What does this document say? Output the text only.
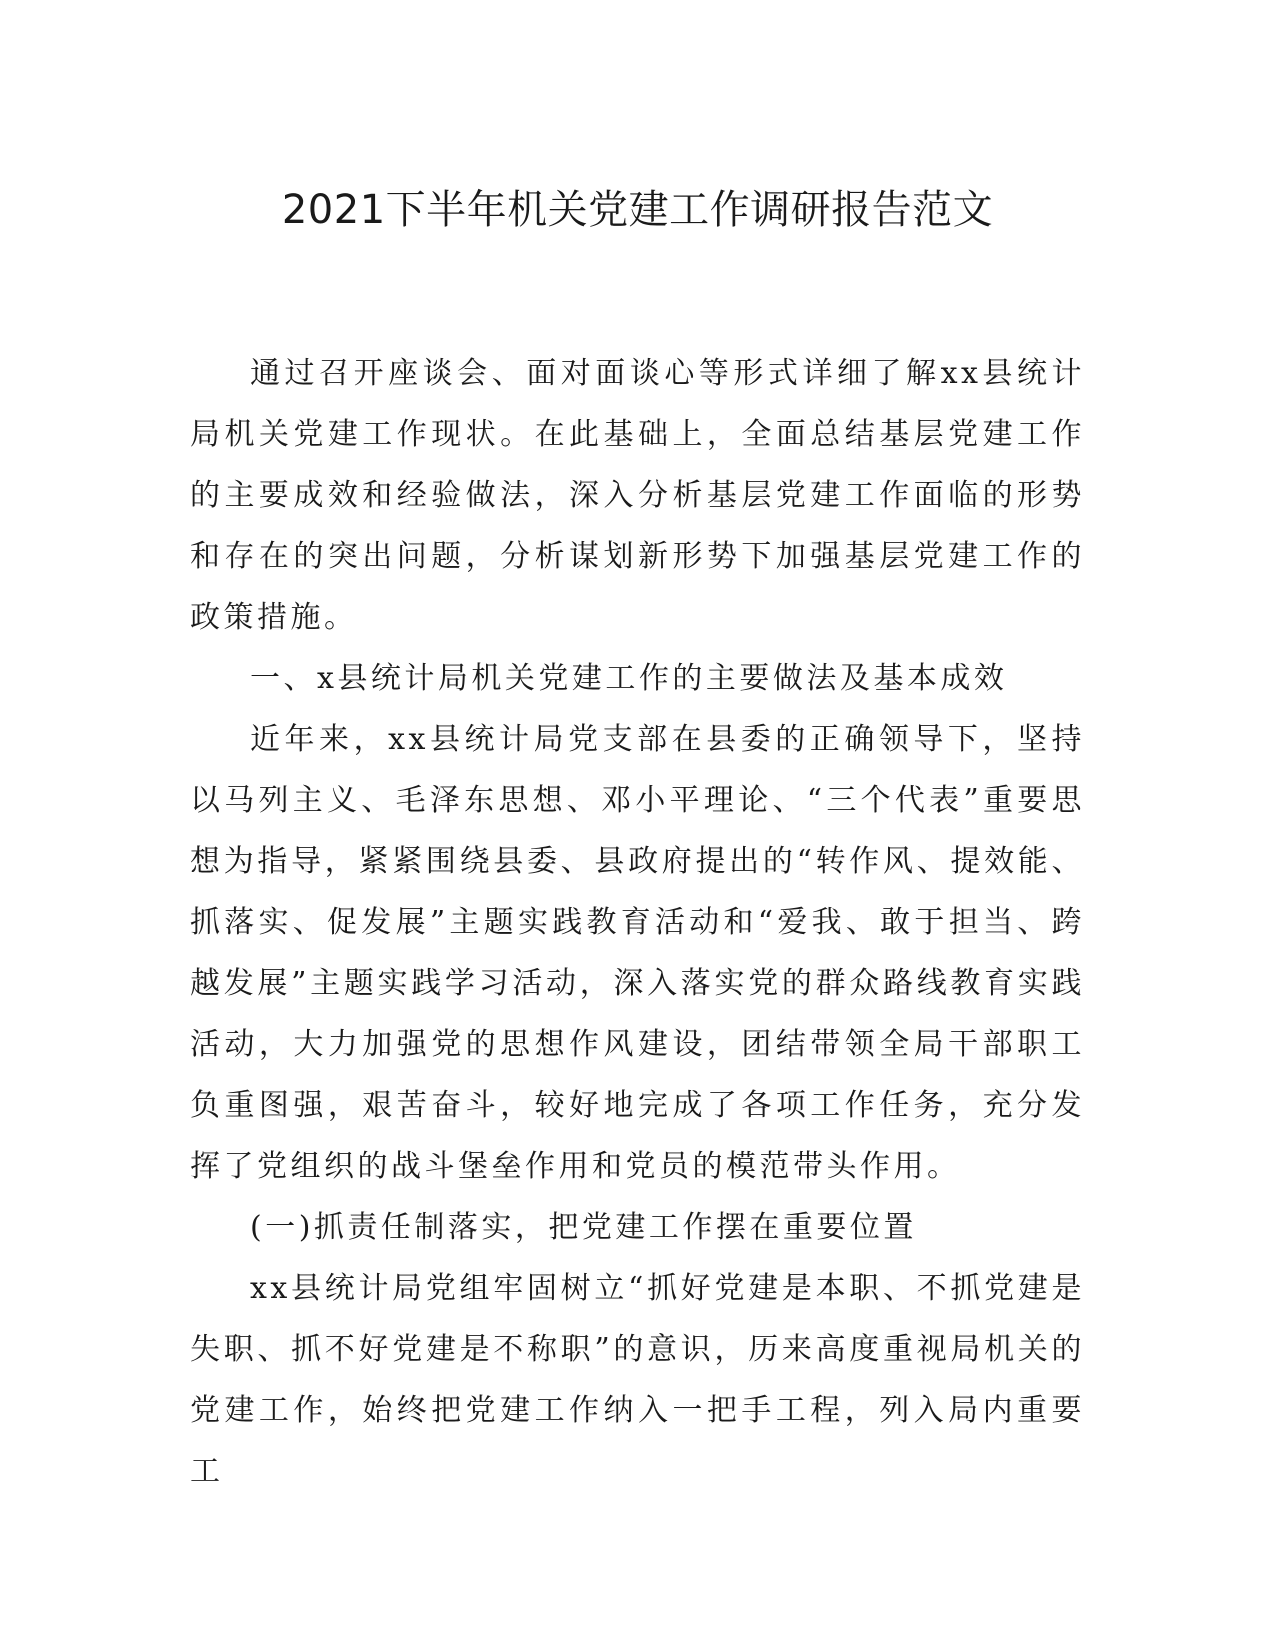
2021下半年机关党建工作调研报告范文

通过召开座谈会、面对面谈心等形式详细了解xx县统计局机关党建工作现状。在此基础上，全面总结基层党建工作的主要成效和经验做法，深入分析基层党建工作面临的形势和存在的突出问题，分析谋划新形势下加强基层党建工作的政策措施。

一、x县统计局机关党建工作的主要做法及基本成效

近年来，xx县统计局党支部在县委的正确领导下，坚持以马列主义、毛泽东思想、邓小平理论、“三个代表”重要思想为指导，紧紧围绕县委、县政府提出的“转作风、提效能、抓落实、促发展”主题实践教育活动和“爱我、敢于担当、跨越发展”主题实践学习活动，深入落实党的群众路线教育实践活动，大力加强党的思想作风建设，团结带领全局干部职工负重图强，艰苦奋斗，较好地完成了各项工作任务，充分发挥了党组织的战斗堡垒作用和党员的模范带头作用。

(一)抓责任制落实，把党建工作摆在重要位置

xx县统计局党组牢固树立“抓好党建是本职、不抓党建是失职、抓不好党建是不称职”的意识，历来高度重视局机关的党建工作，始终把党建工作纳入一把手工程，列入局内重要工
